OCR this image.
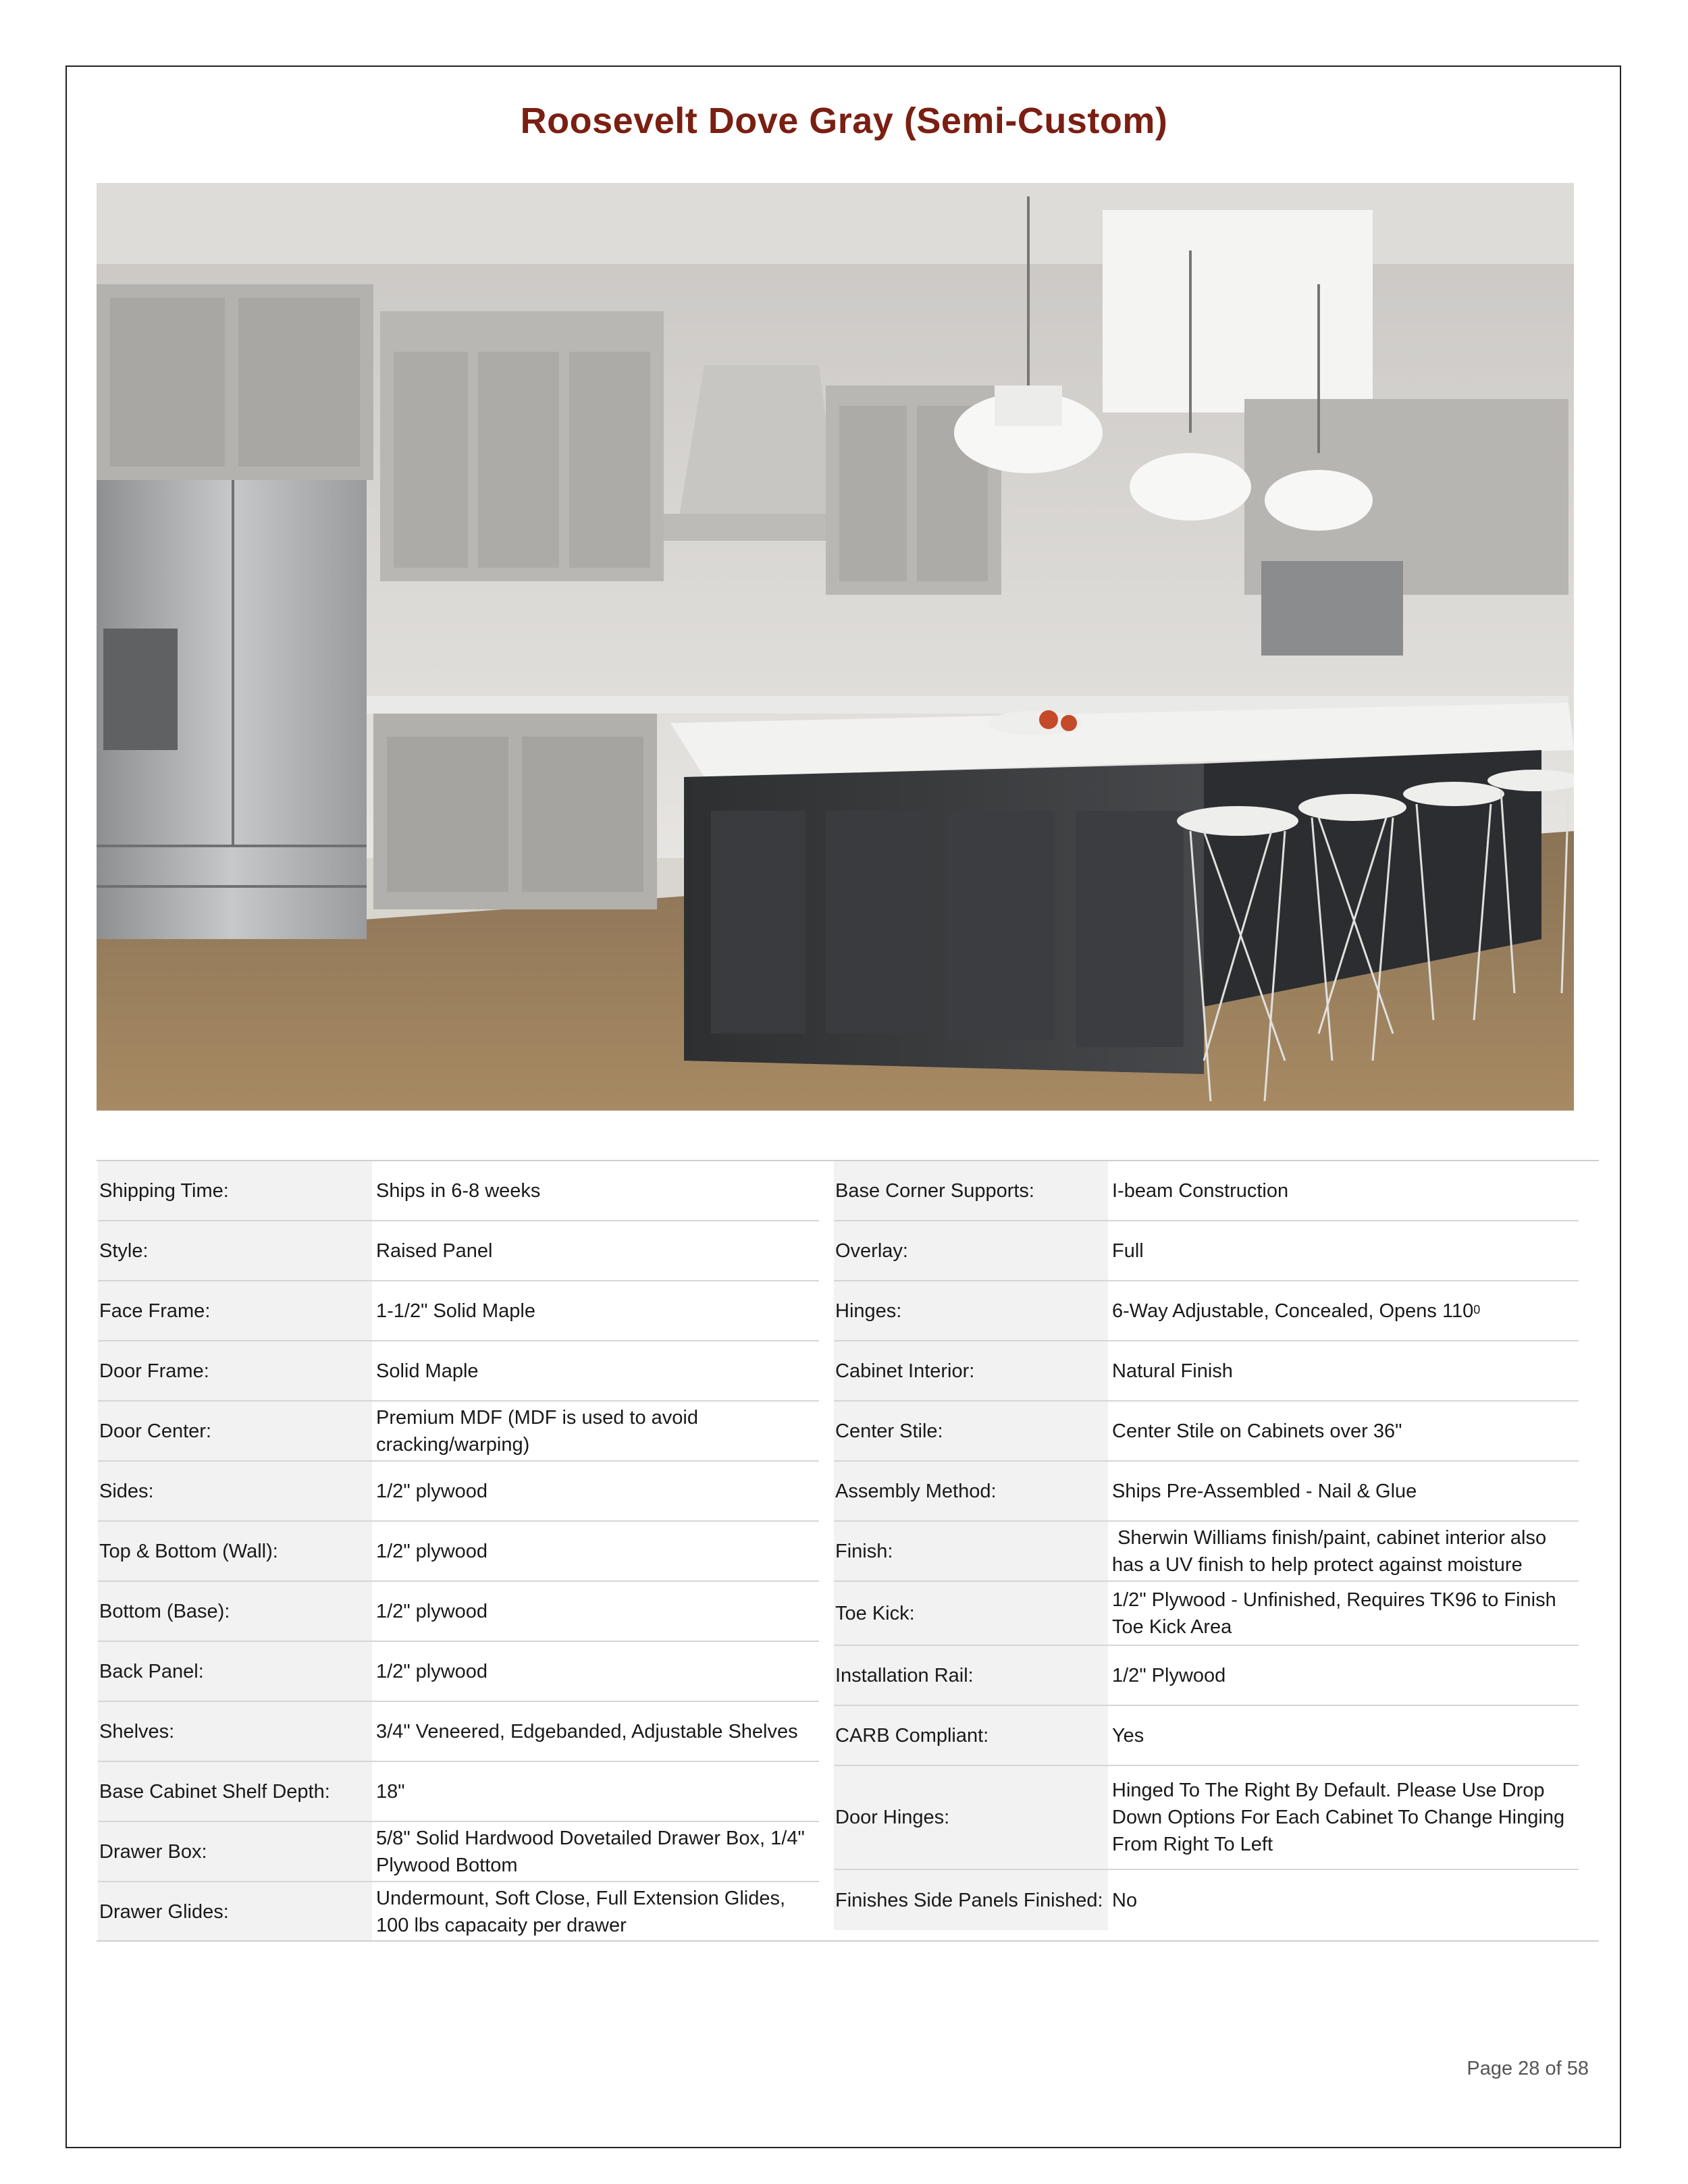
Roosevelt Dove Gray (Semi-Custom)
Shipping Time:	Ships in 6-8 weeks
Style:	Raised Panel
Face Frame:	1-1/2" Solid Maple
Door Frame:	Solid Maple
Door Center:
Premium MDF (MDF is used to avoid cracking/warping)
Sides:	1/2" plywood
Top & Bottom (Wall):	1/2" plywood
Bottom (Base):	1/2" plywood
Back Panel:	1/2" plywood
Shelves:	3/4" Veneered, Edgebanded, Adjustable Shelves
Base Cabinet Shelf Depth:	18"
Drawer Box:
5/8" Solid Hardwood Dovetailed Drawer Box, 1/4" Plywood Bottom
Drawer Glides:
Undermount, Soft Close, Full Extension Glides, 100 lbs capacaity per drawer
Base Corner Supports:	I-beam Construction
Overlay:	Full
Hinges:	6-Way Adjustable, Concealed, Opens 110 0
Cabinet Interior:	Natural Finish
Center Stile:	Center Stile on Cabinets over 36"
Assembly Method:	Ships Pre-Assembled - Nail & Glue
Finish:
Sherwin Williams finish/paint, cabinet interior also has a UV finish to help protect against moisture
Toe Kick:
1/2" Plywood - Unfinished, Requires TK96 to Finish Toe Kick Area
Installation Rail:	1/2" Plywood
CARB Compliant:	Yes
Door Hinges:
Hinged To The Right By Default. Please Use Drop Down Options For Each Cabinet To Change Hinging From Right To Left
Finishes Side Panels Finished: No
Page 28 of 58
